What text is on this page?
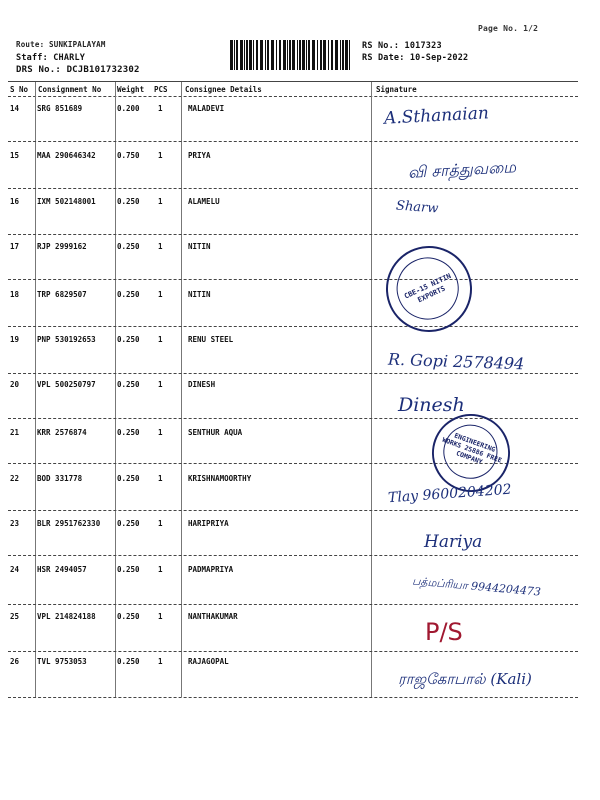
Page No. 1/2
Route: SUNKIPALAYAM
Staff: CHARLY
DRS No.: DCJB101732302
RS No.: 1017323
RS Date: 10-Sep-2022
S No Consignment No Weight PCS Consignee Details	Signature
14 SRG 851689	0.200 1	MALADEVI	A.Sthanaian
15 MAA 290646342	0.750 1	PRIYA
வி சாத்துவமை
16 IXM 502148001	0.250 1	ALAMELU	Sharw
17 RJP 2999162	0.250 1	NITIN
18 TRP 6829507	0.250 1	NITIN	CBE-15 NITIN EXPORTS
19 PNP 530192653	0.250 1	RENU STEEL
R. Gopi 2578494
20 VPL 500250797	0.250 1	DINESH
Dinesh
21 KRR 2576874	0.250 1	SENTHUR AQUA	ENGINEERING WORKS 25886 FREE COMPANY
22 BOD 331778	0.250 1	KRISHNAMOORTHY
Tlay 9600204202
23 BLR 2951762330 0.250 1	HARIPRIYA
Hariya
24 HSR 2494057	0.250 1	PADMAPRIYA
பத்மப்ரியா 9944204473
25 VPL 214824188	0.250 1	NANTHAKUMAR
P/S
26 TVL 9753053	0.250 1	RAJAGOPAL
ராஜகோபால் (Kali)
